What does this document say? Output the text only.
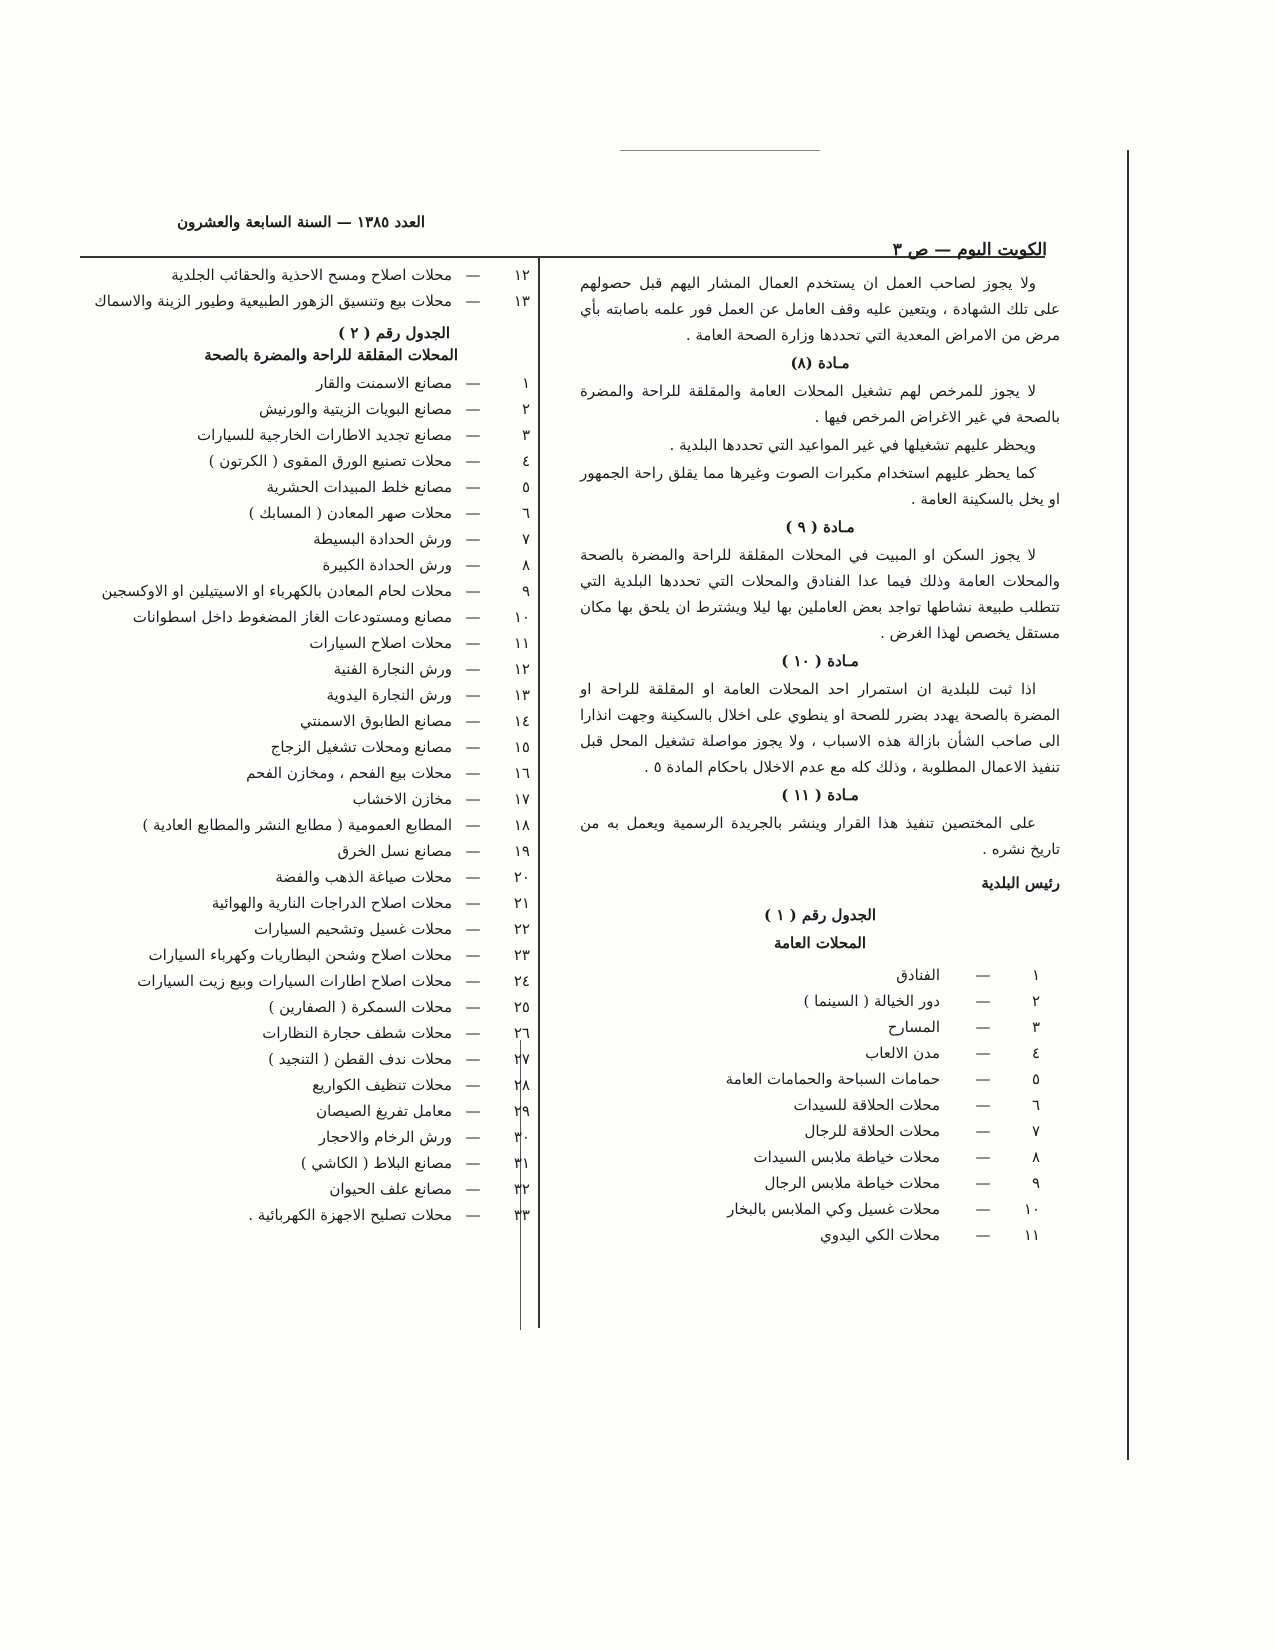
العدد ١٣٨٥ — السنة السابعة والعشرون
الكويت اليوم — ص ٣

ولا يجوز لصاحب العمل ان يستخدم العمال المشار اليهم قبل حصولهم على تلك الشهادة ، ويتعين عليه وقف العامل عن العمل فور علمه باصابته بأي مرض من الامراض المعدية التي تحددها وزارة الصحة العامة .

مـادة (٨)

لا يجوز للمرخص لهم تشغيل المحلات العامة والمقلقة للراحة والمضرة بالصحة في غير الاغراض المرخص فيها .

ويحظر عليهم تشغيلها في غير المواعيد التي تحددها البلدية .

كما يحظر عليهم استخدام مكبرات الصوت وغيرها مما يقلق راحة الجمهور او يخل بالسكينة العامة .

مـادة ( ٩ )

لا يجوز السكن او المبيت في المحلات المقلقة للراحة والمضرة بالصحة والمحلات العامة وذلك فيما عدا الفنادق والمحلات التي تحددها البلدية التي تتطلب طبيعة نشاطها تواجد بعض العاملين بها ليلا ويشترط ان يلحق بها مكان مستقل يخصص لهذا الغرض .

مـادة ( ١٠ )

اذا ثبت للبلدية ان استمرار احد المحلات العامة او المقلقة للراحة او المضرة بالصحة يهدد بضرر للصحة او ينطوي على اخلال بالسكينة وجهت انذارا الى صاحب الشأن بازالة هذه الاسباب ، ولا يجوز مواصلة تشغيل المحل قبل تنفيذ الاعمال المطلوبة ، وذلك كله مع عدم الاخلال باحكام المادة ٥ .

مـادة ( ١١ )

على المختصين تنفيذ هذا القرار وينشر بالجريدة الرسمية ويعمل به من تاريخ نشره .

رئيس البلدية
الجدول رقم ( ١ )
المحلات العامة
١
—
الفنادق
٢
—
دور الخيالة ( السينما )
٣
—
المسارح
٤
—
مدن الالعاب
٥
—
حمامات السباحة والحمامات العامة
٦
—
محلات الحلاقة للسيدات
٧
—
محلات الحلاقة للرجال
٨
—
محلات خياطة ملابس السيدات
٩
—
محلات خياطة ملابس الرجال
١٠
—
محلات غسيل وكي الملابس بالبخار
١١
—
محلات الكي اليدوي
١٢
—
محلات اصلاح ومسح الاحذية والحقائب الجلدية
١٣
—
محلات بيع وتنسيق الزهور الطبيعية وطيور الزينة والاسماك
الجدول رقم ( ٢ )
المحلات المقلقة للراحة والمضرة بالصحة
١
—
مصانع الاسمنت والقار
٢
—
مصانع البويات الزيتية والورنيش
٣
—
مصانع تجديد الاطارات الخارجية للسيارات
٤
—
محلات تصنيع الورق المقوى ( الكرتون )
٥
—
مصانع خلط المبيدات الحشرية
٦
—
محلات صهر المعادن ( المسابك )
٧
—
ورش الحدادة البسيطة
٨
—
ورش الحدادة الكبيرة
٩
—
محلات لحام المعادن بالكهرباء او الاسيتيلين او الاوكسجين
١٠
—
مصانع ومستودعات الغاز المضغوط داخل اسطوانات
١١
—
محلات اصلاح السيارات
١٢
—
ورش النجارة الفنية
١٣
—
ورش النجارة اليدوية
١٤
—
مصانع الطابوق الاسمنتي
١٥
—
مصانع ومحلات تشغيل الزجاج
١٦
—
محلات بيع الفحم ، ومخازن الفحم
١٧
—
مخازن الاخشاب
١٨
—
المطابع العمومية ( مطابع النشر والمطابع العادية )
١٩
—
مصانع نسل الخرق
٢٠
—
محلات صياغة الذهب والفضة
٢١
—
محلات اصلاح الدراجات النارية والهوائية
٢٢
—
محلات غسيل وتشحيم السيارات
٢٣
—
محلات اصلاح وشحن البطاريات وكهرباء السيارات
٢٤
—
محلات اصلاح اطارات السيارات وبيع زيت السيارات
٢٥
—
محلات السمكرة ( الصفارين )
٢٦
—
محلات شطف حجارة النظارات
٢٧
—
محلات ندف القطن ( التنجيد )
٢٨
—
محلات تنظيف الكواريع
٢٩
—
معامل تفريغ الصيصان
٣٠
—
ورش الرخام والاحجار
٣١
—
مصانع البلاط ( الكاشي )
٣٢
—
مصانع علف الحيوان
٣٣
—
محلات تصليح الاجهزة الكهربائية .
